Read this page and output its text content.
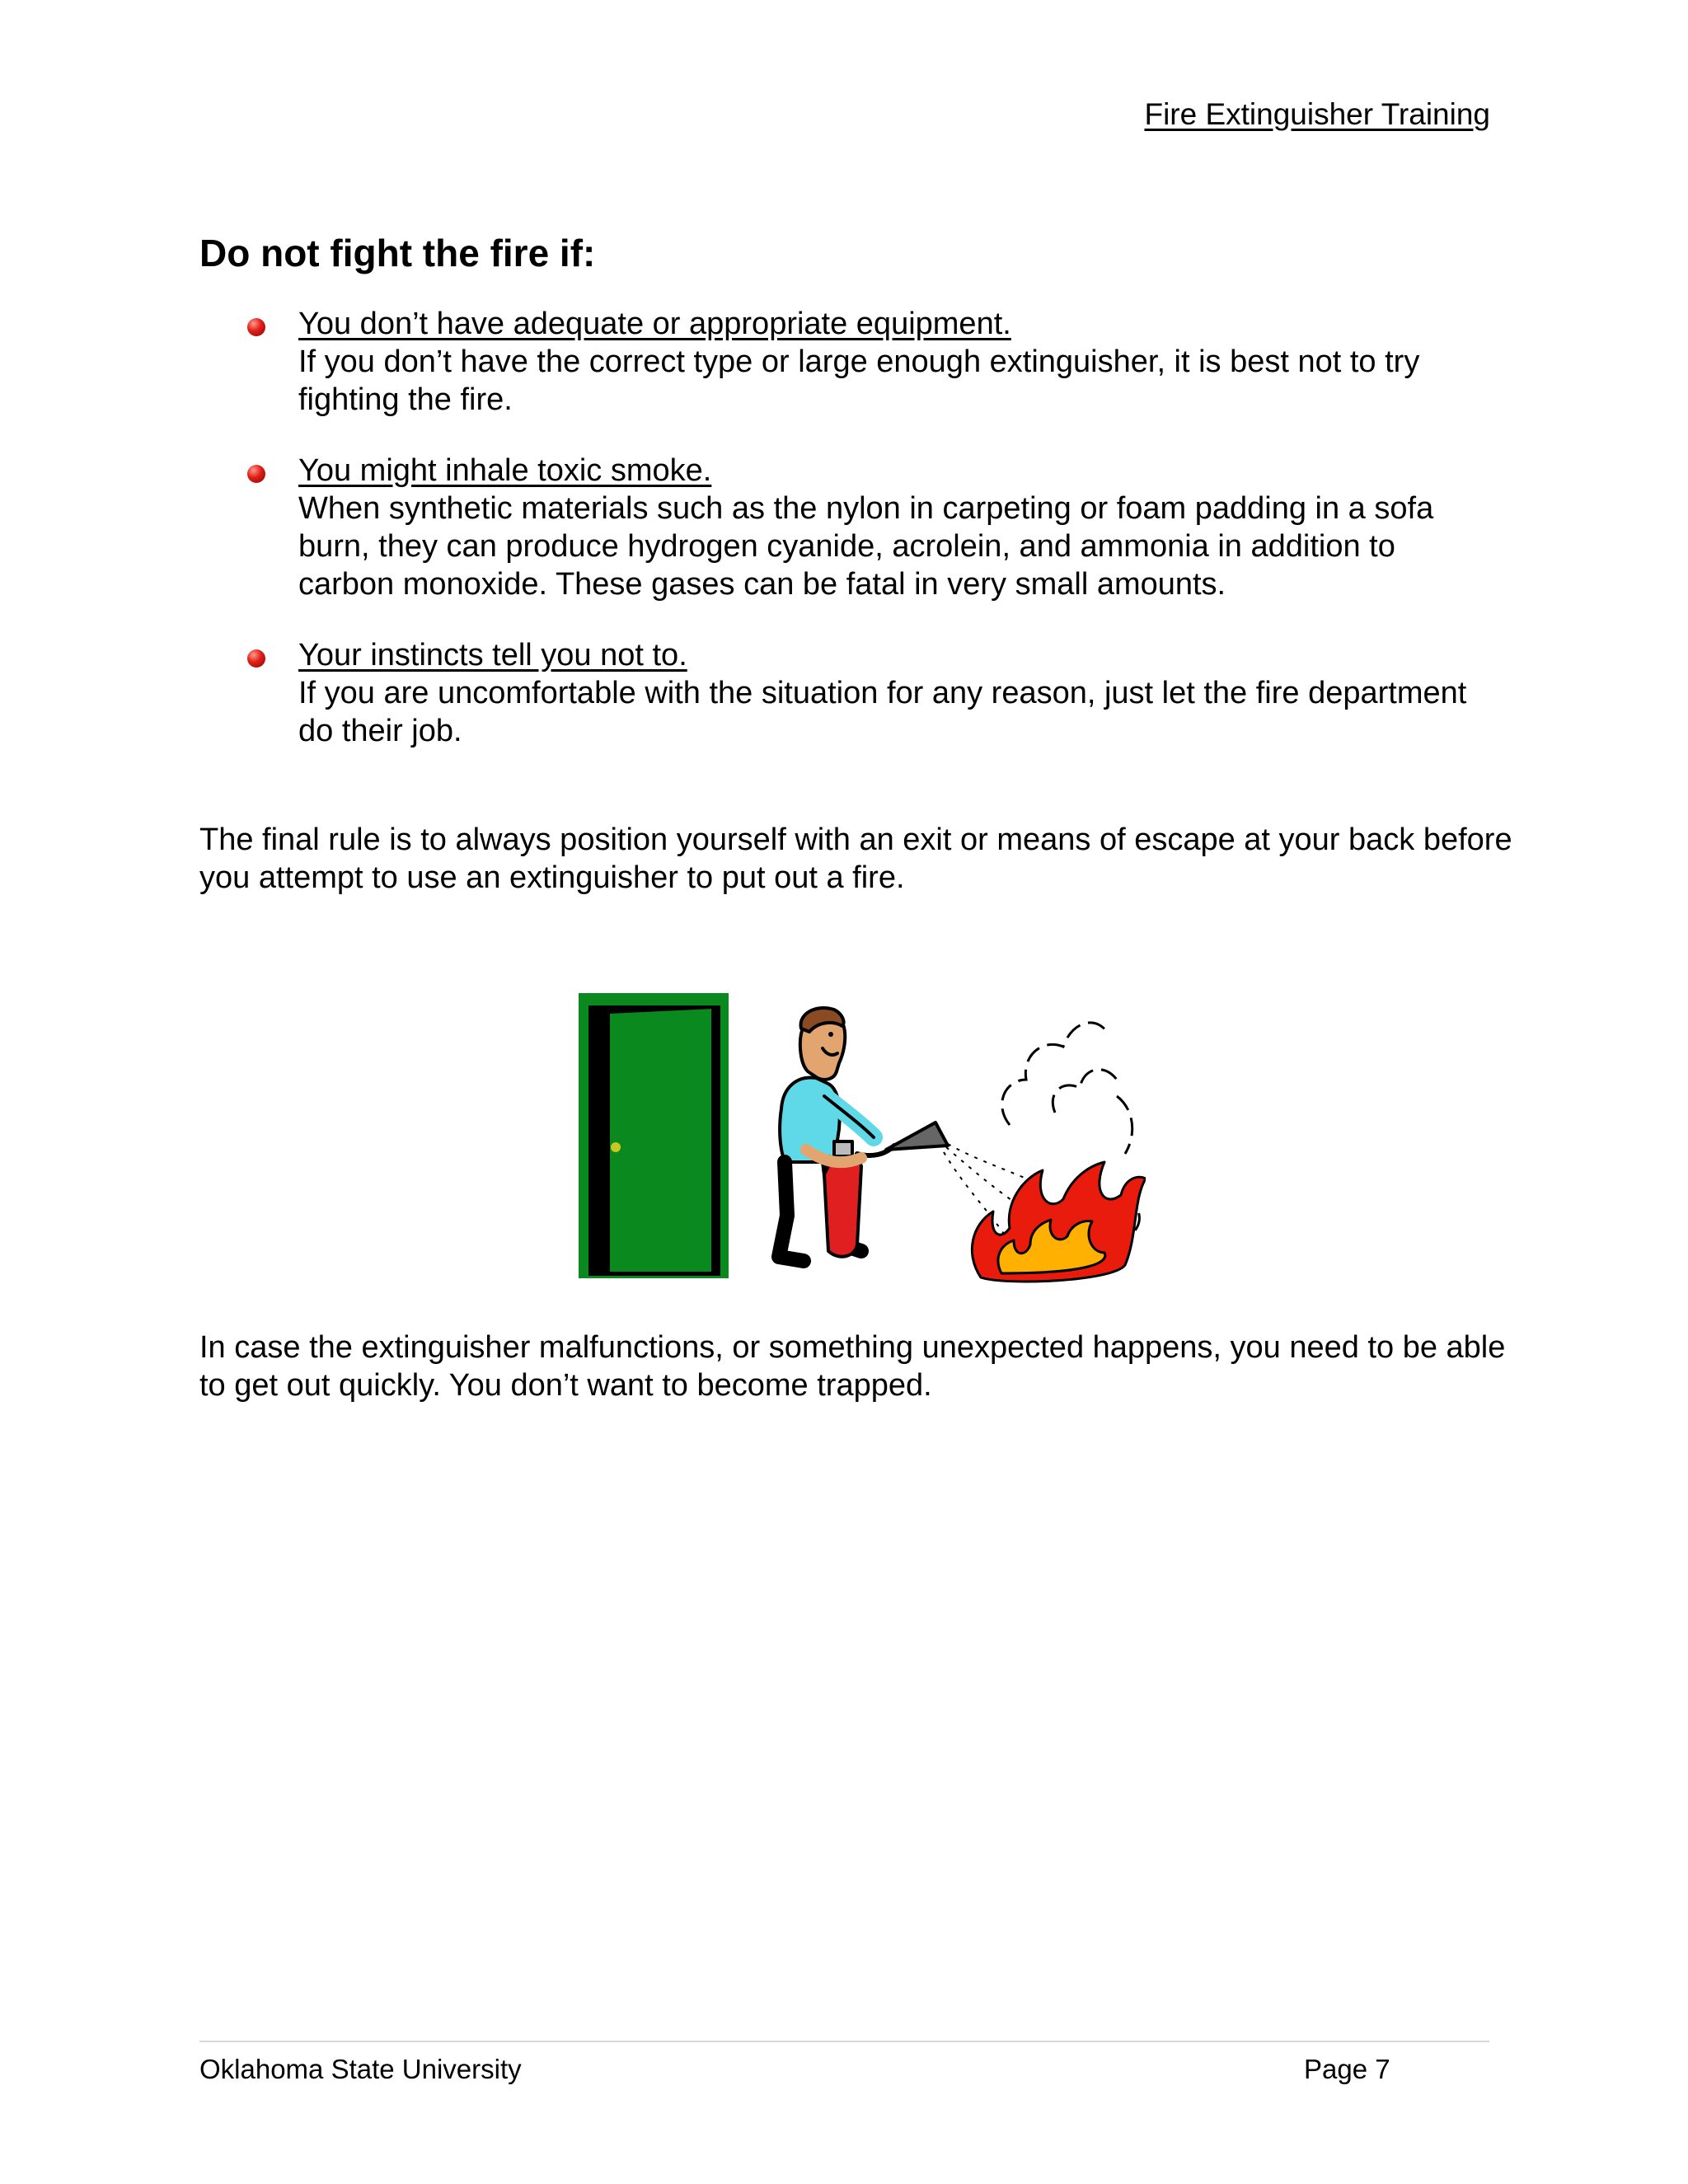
Fire Extinguisher Training
Do not fight the fire if:
You don’t have adequate or appropriate equipment.
If you don’t have the correct type or large enough extinguisher, it is best not to try fighting the fire.
You might inhale toxic smoke.
When synthetic materials such as the nylon in carpeting or foam padding in a sofa burn, they can produce hydrogen cyanide, acrolein, and ammonia in addition to carbon monoxide. These gases can be fatal in very small amounts.
Your instincts tell you not to.
If you are uncomfortable with the situation for any reason, just let the fire department do their job.

The final rule is to always position yourself with an exit or means of escape at your back before you attempt to use an extinguisher to put out a fire.

In case the extinguisher malfunctions, or something unexpected happens, you need to be able to get out quickly. You don’t want to become trapped.

Oklahoma State University	Page 7
